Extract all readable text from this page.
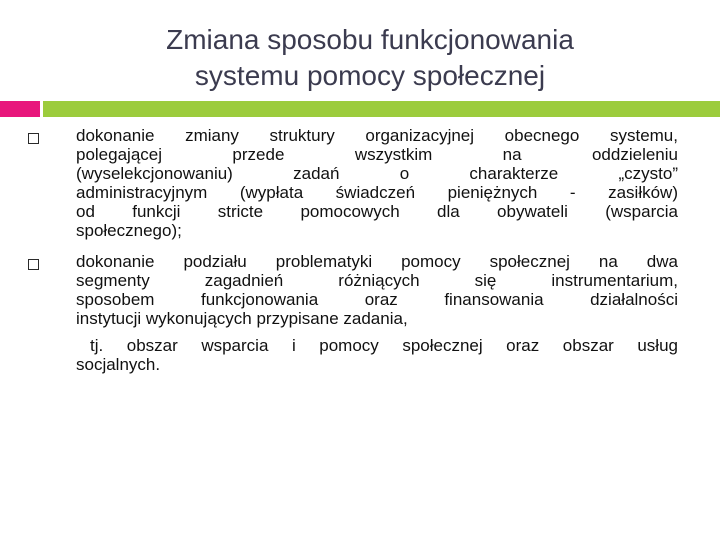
Zmiana sposobu funkcjonowania
systemu pomocy społecznej
dokonanie zmiany struktury organizacyjnej obecnego systemu,
polegającej przede wszystkim na oddzieleniu
(wyselekcjonowaniu) zadań o charakterze „czysto”
administracyjnym (wypłata świadczeń pieniężnych - zasiłków)
od funkcji stricte pomocowych dla obywateli (wsparcia
społecznego);
dokonanie podziału problematyki pomocy społecznej na dwa
segmenty zagadnień różniących się instrumentarium,
sposobem funkcjonowania oraz finansowania działalności
instytucji wykonujących przypisane zadania,
tj. obszar wsparcia i pomocy społecznej oraz obszar usług
socjalnych.
